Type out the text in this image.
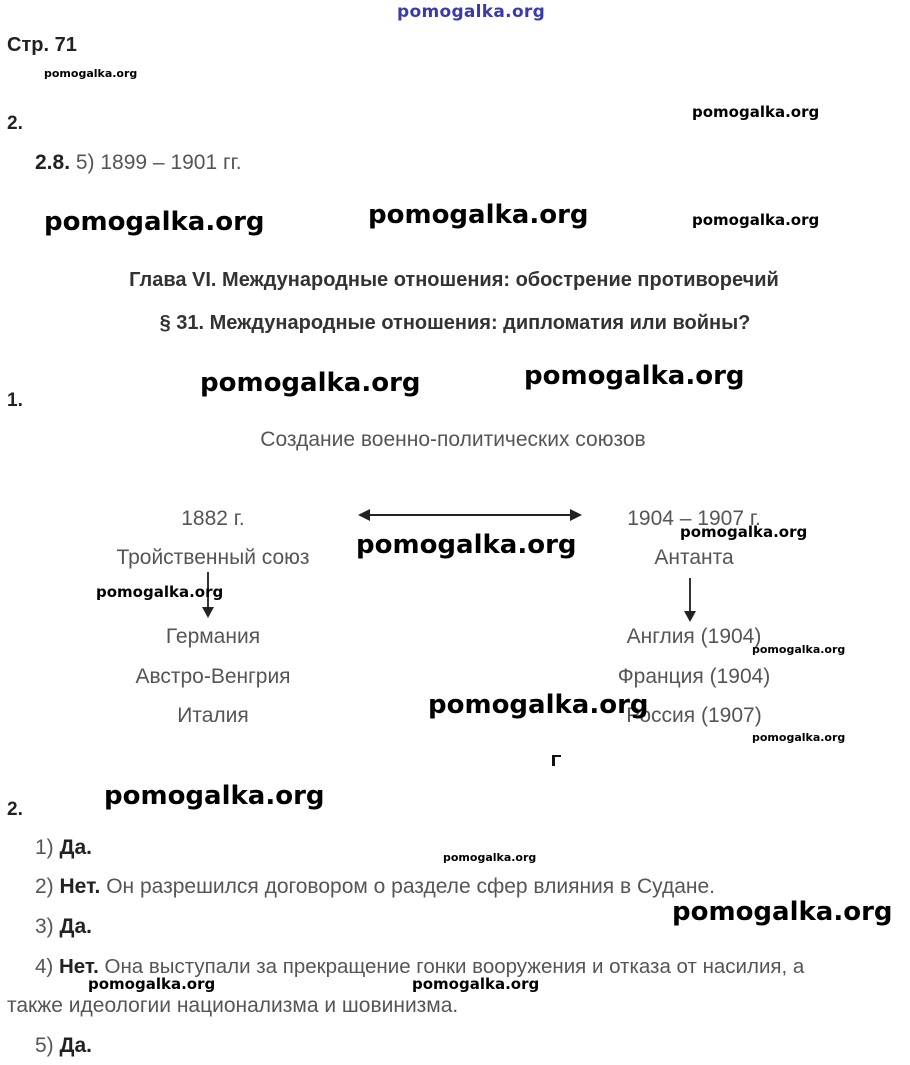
pomogalka.org
Стр. 71
pomogalka.org
2.
pomogalka.org
2.8. 5) 1899 – 1901 гг.
pomogalka.org	pomogalka.org	pomogalka.org
Глава VI. Международные отношения: обострение противоречий
§ 31. Международные отношения: дипломатия или войны?
1.
pomogalka.org	pomogalka.org
Создание военно-политических союзов
1882 г.
Тройственный союз
Германия
Австро-Венгрия
Италия
1904 – 1907 г.
Антанта
Англия (1904)
Франция (1904)
Россия (1907)
pomogalka.org
pomogalka.org
pomogalka.org
pomogalka.org
pomogalka.org
pomogalka.org
2.	pomogalka.org
1) Да.	pomogalka.org
2) Нет. Он разрешился договором о разделе сфер влияния в Судане.
pomogalka.org
3) Да.
4) Нет. Она выступали за прекращение гонки вооружения и отказа от насилия, а
также идеологии национализма и шовинизма.
pomogalka.org	pomogalka.org
5) Да.
